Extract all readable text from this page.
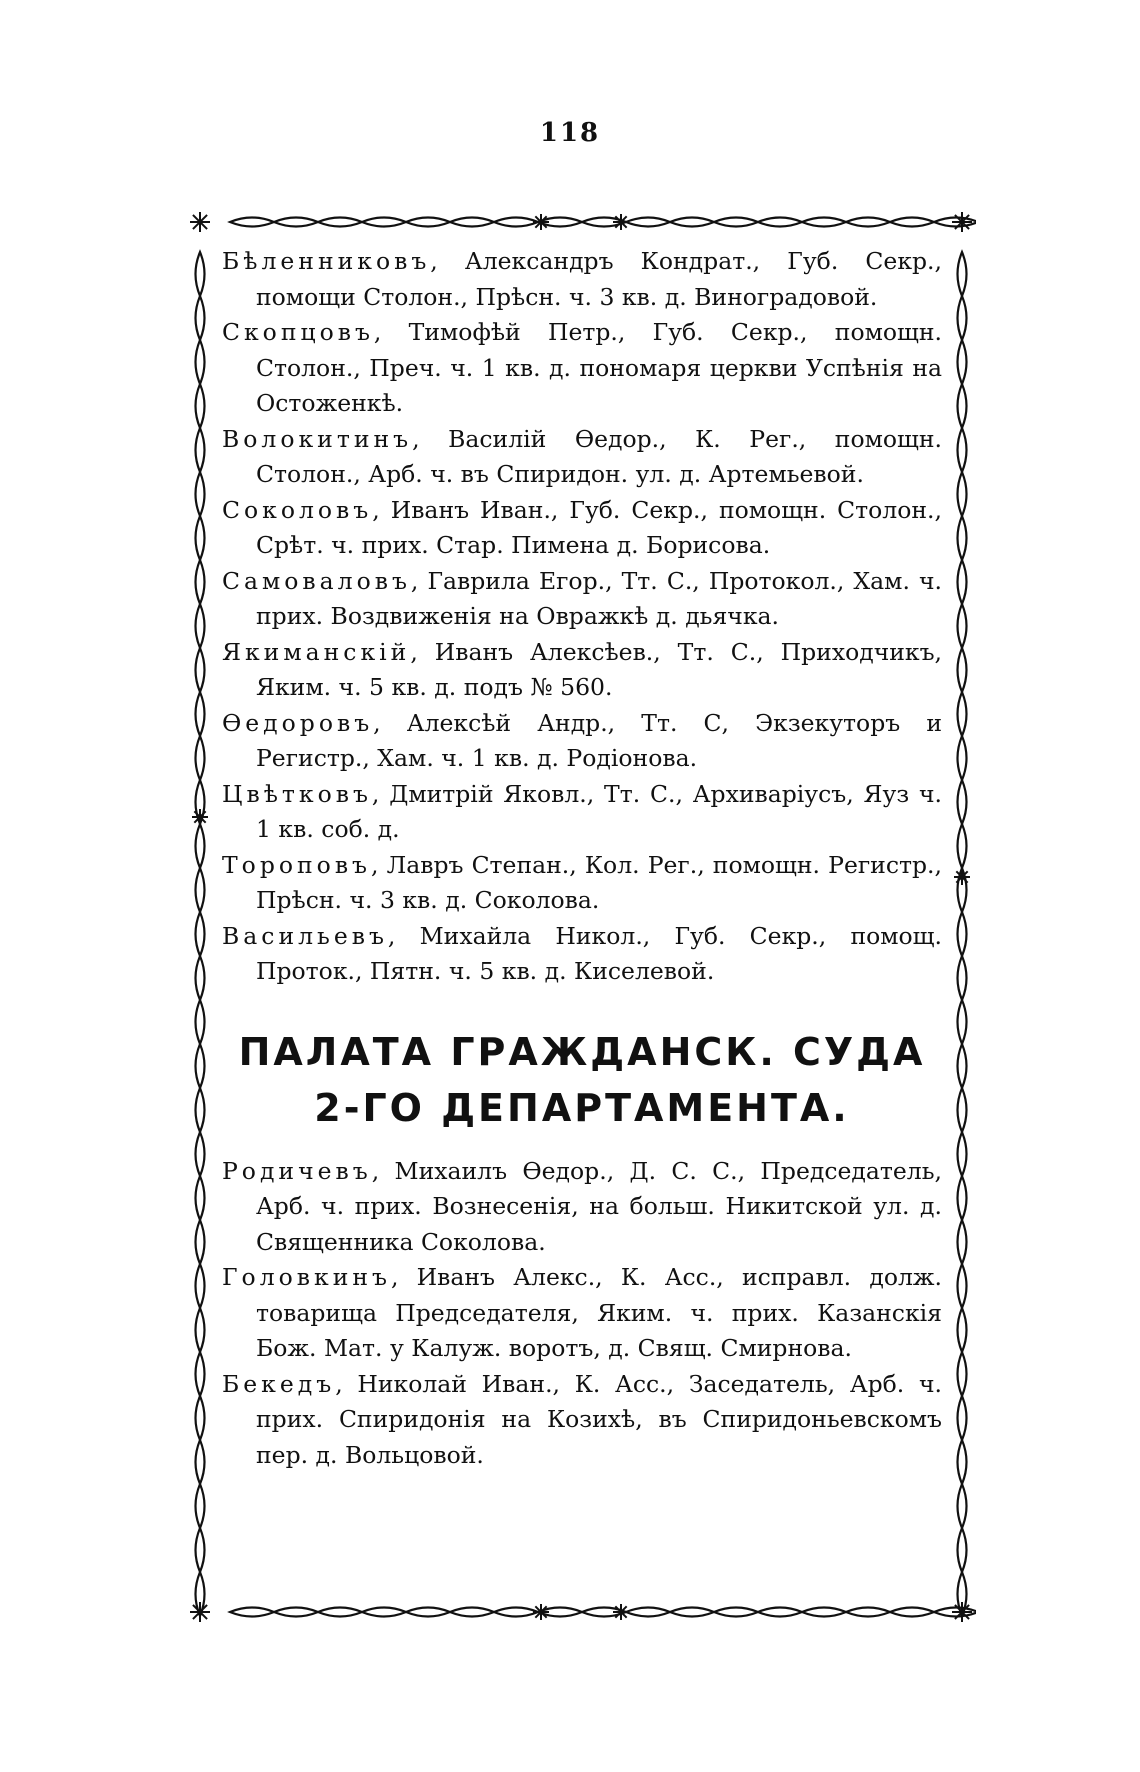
118

Бѣленниковъ, Александръ Кондрат., Губ. Секр., помощи Столон., Прѣсн. ч. 3 кв. д. Виноградовой.

Скопцовъ, Тимофѣй Петр., Губ. Секр., помощн. Столон., Преч. ч. 1 кв. д. пономаря церкви Успѣнія на Остоженкѣ.

Волокитинъ, Василій Ѳедор., К. Рег., помощн. Столон., Арб. ч. въ Спиридон. ул. д. Артемьевой.

Соколовъ, Иванъ Иван., Губ. Секр., помощн. Столон., Срѣт. ч. прих. Стар. Пимена д. Борисова.

Самоваловъ, Гаврила Егор., Тт. С., Протокол., Хам. ч. прих. Воздвиженія на Овражкѣ д. дьячка.

Якиманскій, Иванъ Алексѣев., Тт. С., Приходчикъ, Яким. ч. 5 кв. д. подъ № 560.

Ѳедоровъ, Алексѣй Андр., Тт. С, Экзекуторъ и Регистр., Хам. ч. 1 кв. д. Родіонова.

Цвѣтковъ, Дмитрій Яковл., Тт. С., Архиваріусъ, Яуз ч. 1 кв. соб. д.

Тороповъ, Лавръ Степан., Кол. Рег., помощн. Регистр., Прѣсн. ч. 3 кв. д. Соколова.

Васильевъ, Михайла Никол., Губ. Секр., помощ. Проток., Пятн. ч. 5 кв. д. Киселевой.

ПАЛАТА ГРАЖДАНСК. СУДА
2-ГО ДЕПАРТАМЕНТА.

Родичевъ, Михаилъ Ѳедор., Д. С. С., Председатель, Арб. ч. прих. Вознесенія, на больш. Никитской ул. д. Священника Соколова.

Головкинъ, Иванъ Алекс., К. Асс., исправл. долж. товарища Председателя, Яким. ч. прих. Казанскія Бож. Мат. у Калуж. воротъ, д. Свящ. Смирнова.

Бекедъ, Николай Иван., К. Асс., Заседатель, Арб. ч. прих. Спиридонія на Козихѣ, въ Спиридоньевскомъ пер. д. Вольцовой.
